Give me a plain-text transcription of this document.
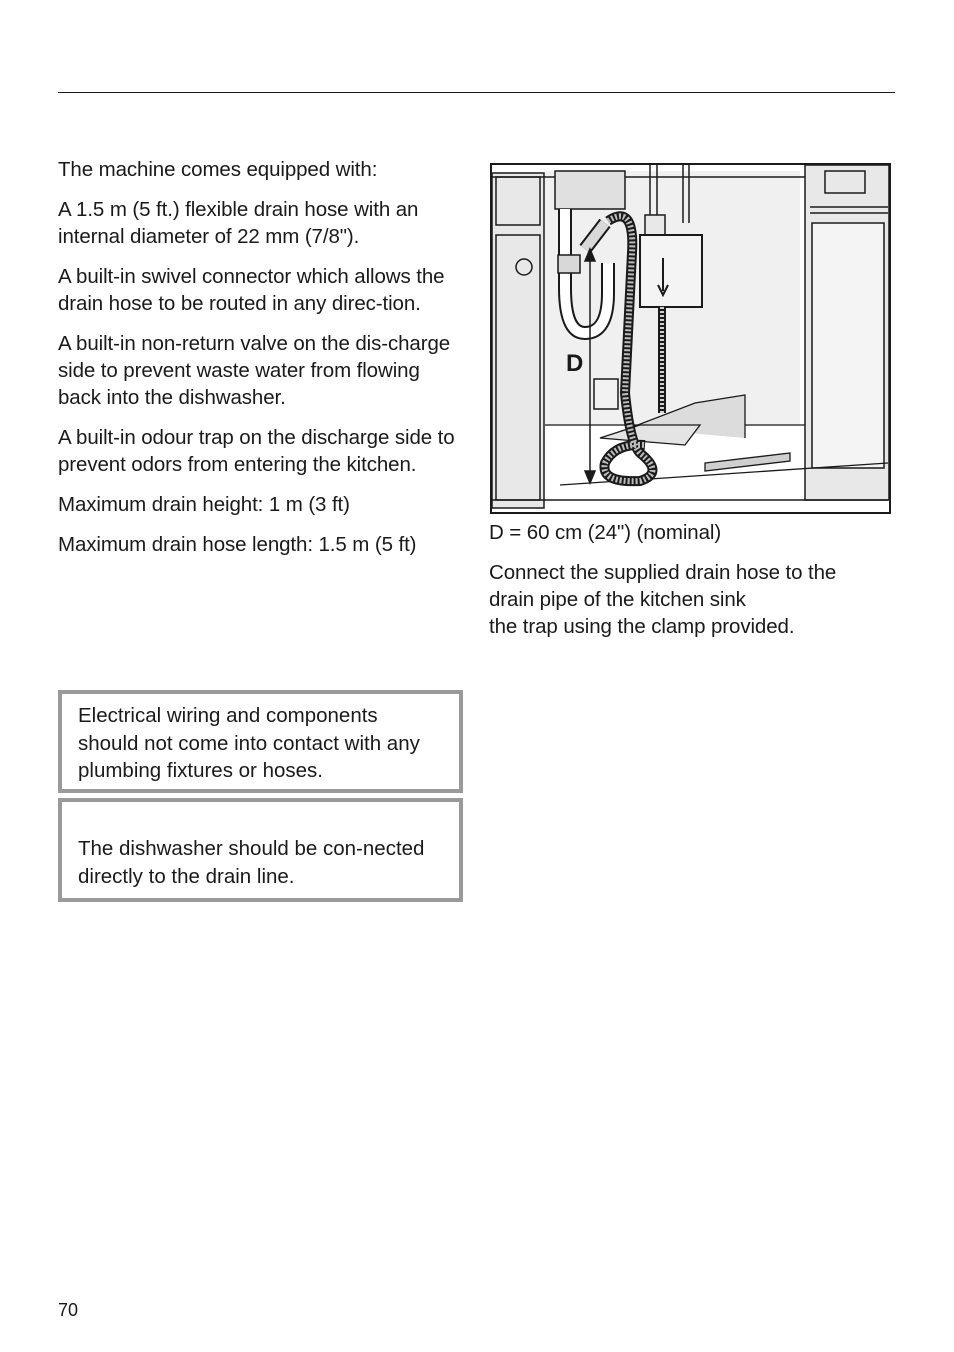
The machine comes equipped with:

A 1.5 m (5 ft.) flexible drain hose with an internal diameter of 22 mm (7/8").

A built-in swivel connector which allows the drain hose to be routed in any direc-tion.

A built-in non-return valve on the dis-charge side to prevent waste water from flowing back into the dishwasher.

A built-in odour trap on the discharge side to prevent odors from entering the kitchen.

Maximum drain height: 1 m (3 ft)

Maximum drain hose length: 1.5 m (5 ft)

D

D = 60 cm (24") (nominal)

Connect the supplied drain hose to the
drain pipe of the kitchen sink
the trap using the clamp provided.

Electrical wiring and components should not come into contact with any plumbing fixtures or hoses.

The dishwasher should be con-nected directly to the drain line.

70
